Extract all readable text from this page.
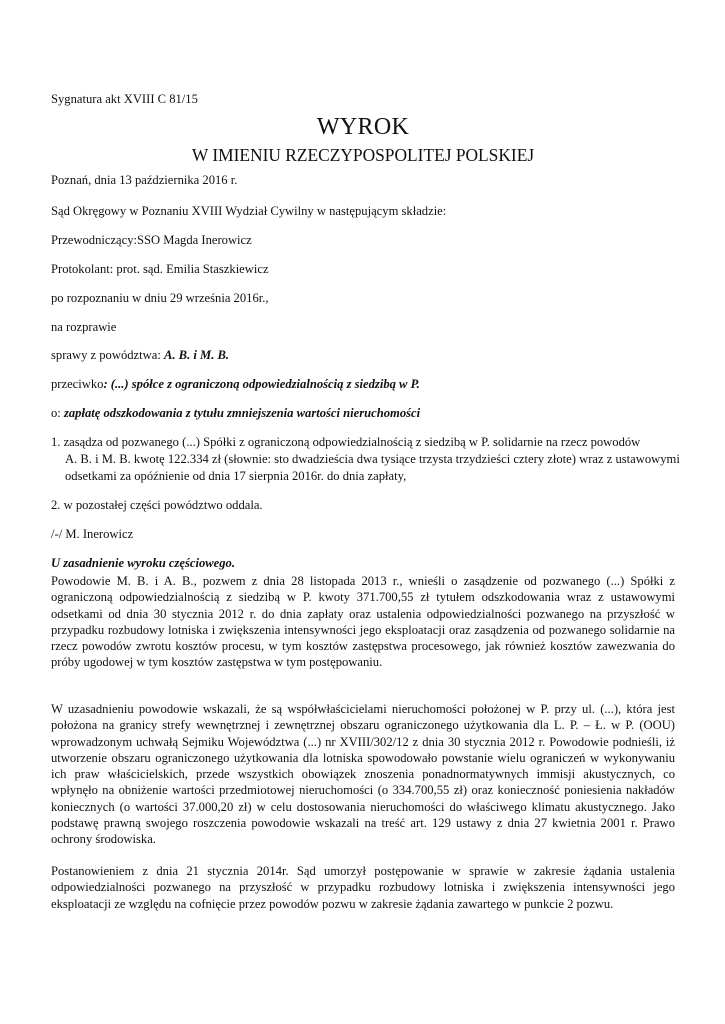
Sygnatura akt XVIII C 81/15

WYROK

W IMIENIU RZECZYPOSPOLITEJ POLSKIEJ

Poznań, dnia 13 października 2016 r.

Sąd Okręgowy w Poznaniu XVIII Wydział Cywilny w następującym składzie:

Przewodniczący:SSO Magda Inerowicz

Protokolant: prot. sąd. Emilia Staszkiewicz

po rozpoznaniu w dniu 29 września 2016r.,

na rozprawie

sprawy z powództwa: A. B. i M. B.

przeciwko: (...) spółce z ograniczoną odpowiedzialnością z siedzibą w P.

o: zapłatę odszkodowania z tytułu zmniejszenia wartości nieruchomości

1. zasądza od pozwanego (...) Spółki z ograniczoną odpowiedzialnością z siedzibą w P. solidarnie na rzecz powodów

A. B. i M. B. kwotę 122.334 zł (słownie: sto dwadzieścia dwa tysiące trzysta trzydzieści cztery złote) wraz z ustawowymi

odsetkami za opóźnienie od dnia 17 sierpnia 2016r. do dnia zapłaty,

2. w pozostałej części powództwo oddala.

/-/ M. Inerowicz

U zasadnienie wyroku częściowego.

Powodowie M. B. i A. B., pozwem z dnia 28 listopada 2013 r., wnieśli o zasądzenie od pozwanego (...) Spółki z ograniczoną odpowiedzialnością z siedzibą w P. kwoty 371.700,55 zł tytułem odszkodowania wraz z ustawowymi odsetkami od dnia 30 stycznia 2012 r. do dnia zapłaty oraz ustalenia odpowiedzialności pozwanego na przyszłość w przypadku rozbudowy lotniska i zwiększenia intensywności jego eksploatacji oraz zasądzenia od pozwanego solidarnie na rzecz powodów zwrotu kosztów procesu, w tym kosztów zastępstwa procesowego, jak również kosztów zawezwania do próby ugodowej w tym kosztów zastępstwa w tym postępowaniu.

W uzasadnieniu powodowie wskazali, że są współwłaścicielami nieruchomości położonej w P. przy ul. (...), która jest położona na granicy strefy wewnętrznej i zewnętrznej obszaru ograniczonego użytkowania dla L. P. – Ł. w P. (OOU) wprowadzonym uchwałą Sejmiku Województwa (...) nr XVIII/302/12 z dnia 30 stycznia 2012 r. Powodowie podnieśli, iż utworzenie obszaru ograniczonego użytkowania dla lotniska spowodowało powstanie wielu ograniczeń w wykonywaniu ich praw właścicielskich, przede wszystkich obowiązek znoszenia ponadnormatywnych immisji akustycznych, co wpłynęło na obniżenie wartości przedmiotowej nieruchomości (o 334.700,55 zł) oraz konieczność poniesienia nakładów koniecznych (o wartości 37.000,20 zł) w celu dostosowania nieruchomości do właściwego klimatu akustycznego. Jako podstawę prawną swojego roszczenia powodowie wskazali na treść art. 129 ustawy z dnia 27 kwietnia 2001 r. Prawo ochrony środowiska.

Postanowieniem z dnia 21 stycznia 2014r. Sąd umorzył postępowanie w sprawie w zakresie żądania ustalenia odpowiedzialności pozwanego na przyszłość w przypadku rozbudowy lotniska i zwiększenia intensywności jego eksploatacji ze względu na cofnięcie przez powodów pozwu w zakresie żądania zawartego w punkcie 2 pozwu.
